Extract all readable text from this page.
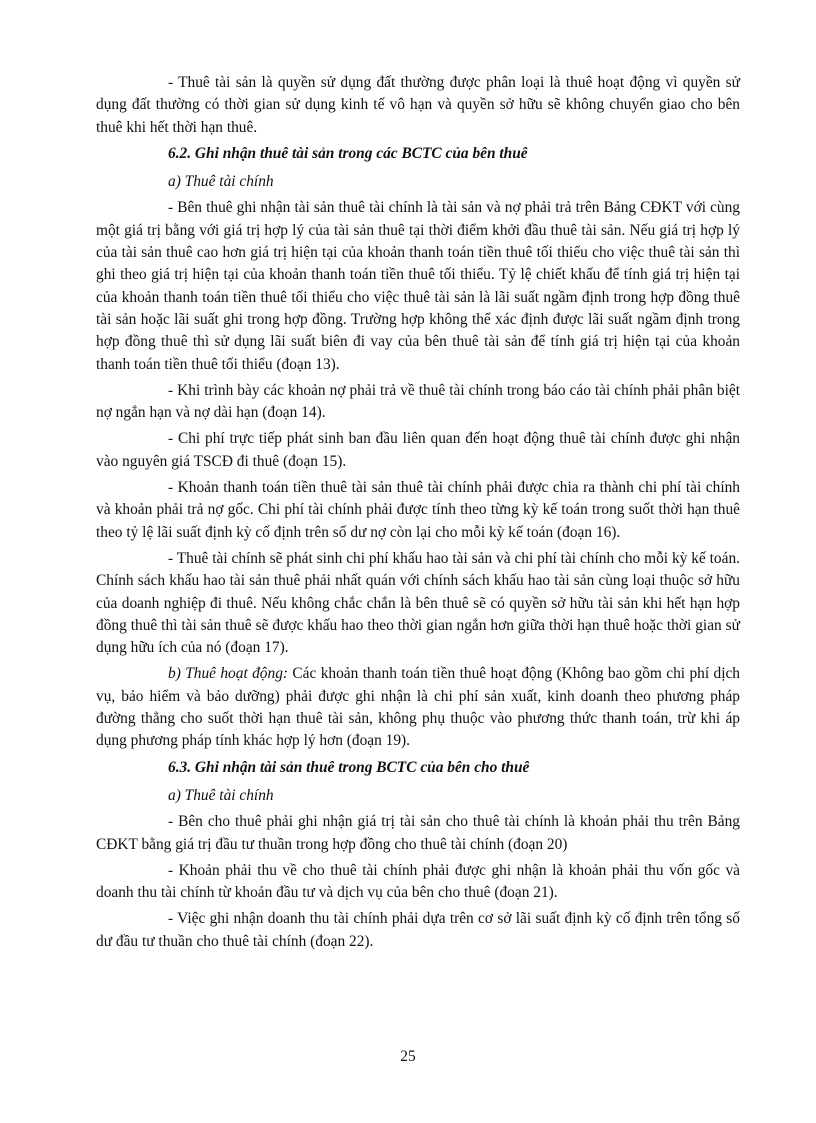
- Thuê tài sản là quyền sử dụng đất thường được phân loại là thuê hoạt động vì quyền sử dụng đất thường có thời gian sử dụng kinh tế vô hạn và quyền sở hữu sẽ không chuyển giao cho bên thuê khi hết thời hạn thuê.

6.2. Ghi nhận thuê tài sản trong các BCTC của bên thuê

a) Thuê tài chính

- Bên thuê ghi nhận tài sản thuê tài chính là tài sản và nợ phải trả trên Bảng CĐKT với cùng một giá trị bằng với giá trị hợp lý của tài sản thuê tại thời điểm khởi đầu thuê tài sản. Nếu giá trị hợp lý của tài sản thuê cao hơn giá trị hiện tại của khoản thanh toán tiền thuê tối thiểu cho việc thuê tài sản thì ghi theo giá trị hiện tại của khoản thanh toán tiền thuê tối thiểu. Tỷ lệ chiết khấu để tính giá trị hiện tại của khoản thanh toán tiền thuê tối thiểu cho việc thuê tài sản là lãi suất ngầm định trong hợp đồng thuê tài sản hoặc lãi suất ghi trong hợp đồng. Trường hợp không thể xác định được lãi suất ngầm định trong hợp đồng thuê thì sử dụng lãi suất biên đi vay của bên thuê tài sản để tính giá trị hiện tại của khoản thanh toán tiền thuê tối thiểu (đoạn 13).

- Khi trình bày các khoản nợ phải trả về thuê tài chính trong báo cáo tài chính phải phân biệt nợ ngắn hạn và nợ dài hạn (đoạn 14).

- Chi phí trực tiếp phát sinh ban đầu liên quan đến hoạt động thuê tài chính được ghi nhận vào nguyên giá TSCĐ đi thuê (đoạn 15).

- Khoản thanh toán tiền thuê tài sản thuê tài chính phải được chia ra thành chi phí tài chính và khoản phải trả nợ gốc. Chi phí tài chính phải được tính theo từng kỳ kế toán trong suốt thời hạn thuê theo tỷ lệ lãi suất định kỳ cố định trên số dư nợ còn lại cho mỗi kỳ kế toán (đoạn 16).

- Thuê tài chính sẽ phát sinh chi phí khấu hao tài sản và chi phí tài chính cho mỗi kỳ kế toán. Chính sách khấu hao tài sản thuê phải nhất quán với chính sách khấu hao tài sản cùng loại thuộc sở hữu của doanh nghiệp đi thuê. Nếu không chắc chắn là bên thuê sẽ có quyền sở hữu tài sản khi hết hạn hợp đồng thuê thì tài sản thuê sẽ được khấu hao theo thời gian ngắn hơn giữa thời hạn thuê hoặc thời gian sử dụng hữu ích của nó (đoạn 17).

b) Thuê hoạt động: Các khoản thanh toán tiền thuê hoạt động (Không bao gồm chi phí dịch vụ, bảo hiểm và bảo dưỡng) phải được ghi nhận là chi phí sản xuất, kinh doanh theo phương pháp đường thẳng cho suốt thời hạn thuê tài sản, không phụ thuộc vào phương thức thanh toán, trừ khi áp dụng phương pháp tính khác hợp lý hơn (đoạn 19).

6.3. Ghi nhận tài sản thuê trong BCTC của bên cho thuê

a) Thuê tài chính

- Bên cho thuê phải ghi nhận giá trị tài sản cho thuê tài chính là khoản phải thu trên Bảng CĐKT bằng giá trị đầu tư thuần trong hợp đồng cho thuê tài chính (đoạn 20)

- Khoản phải thu về cho thuê tài chính phải được ghi nhận là khoản phải thu vốn gốc và doanh thu tài chính từ khoản đầu tư và dịch vụ của bên cho thuê (đoạn 21).

- Việc ghi nhận doanh thu tài chính phải dựa trên cơ sở lãi suất định kỳ cố định trên tổng số dư đầu tư thuần cho thuê tài chính (đoạn 22).

25
